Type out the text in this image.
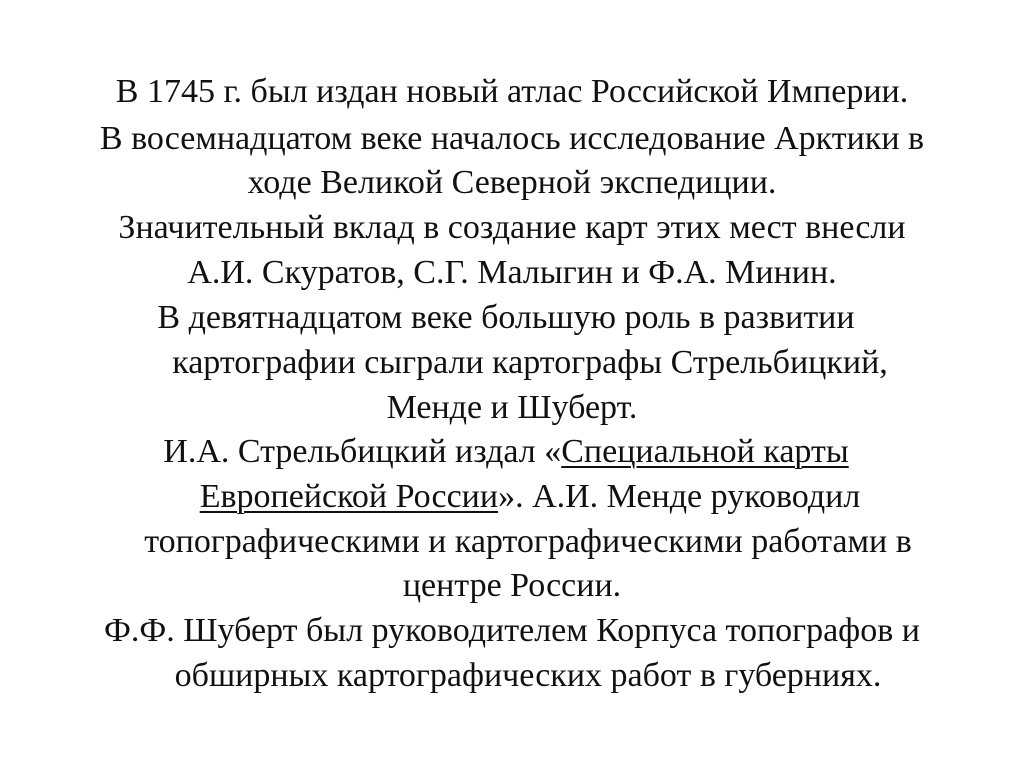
В 1745 г. был издан новый атлас Российской Империи.
В восемнадцатом веке началось исследование Арктики в
ходе Великой Северной экспедиции.
Значительный вклад в создание карт этих мест внесли
А.И. Скуратов, С.Г. Малыгин и Ф.А. Минин.
В девятнадцатом веке большую роль в развитии
картографии сыграли картографы Стрельбицкий,
Менде и Шуберт.
И.А. Стрельбицкий издал «Специальной карты
Европейской России». А.И. Менде руководил
топографическими и картографическими работами в
центре России.
Ф.Ф. Шуберт был руководителем Корпуса топографов и
обширных картографических работ в губерниях.
